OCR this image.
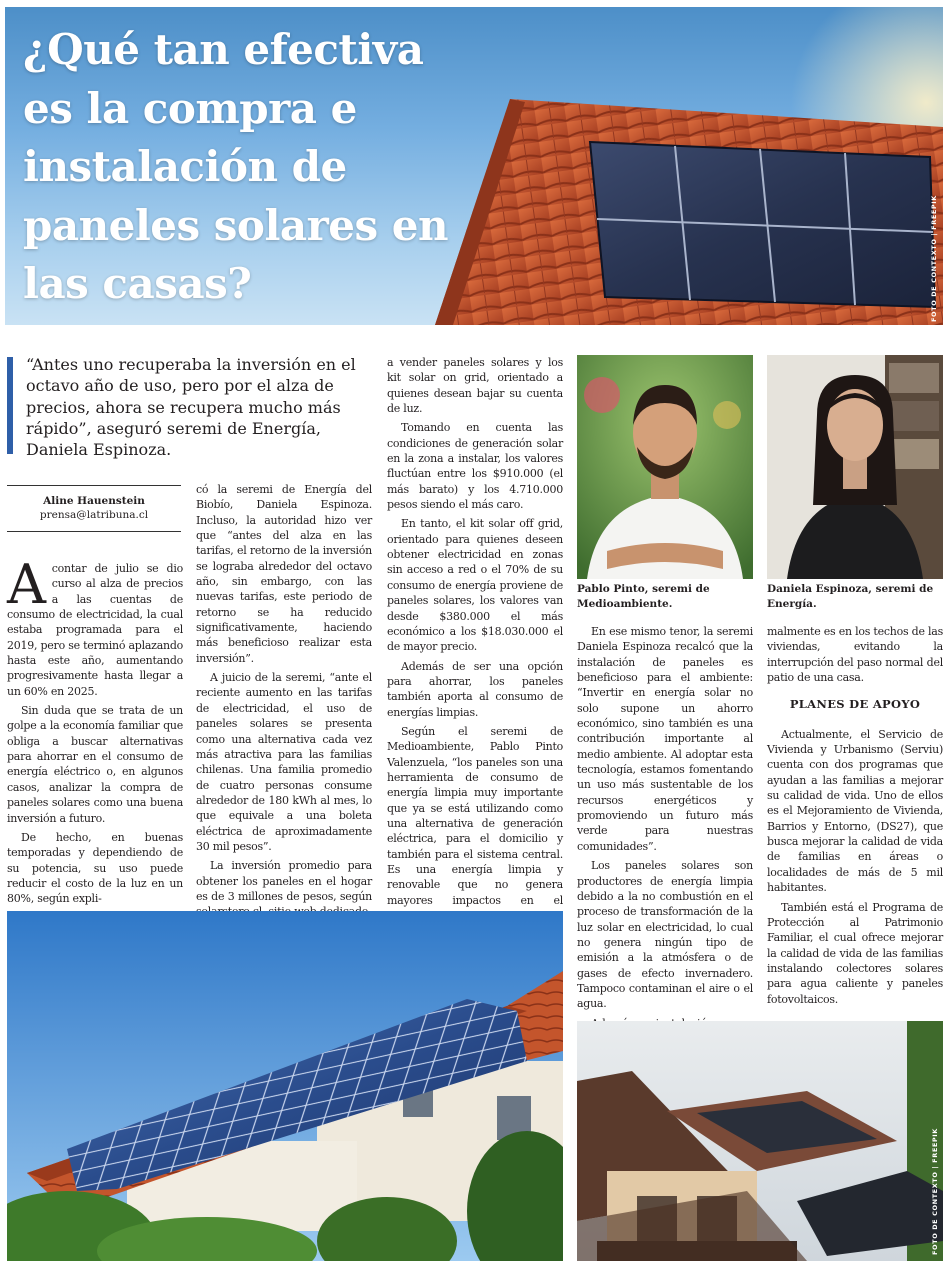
¿Qué tan efectiva es la compra e instalación de paneles solares en las casas?	FOTO DE CONTEXTO | FREEPIK
“Antes uno recuperaba la inversión en el octavo año de uso, pero por el alza de precios, ahora se recupera mucho más rápido”, aseguró seremi de Energía, Daniela Espinoza.
Aline Hauenstein
prensa@latribuna.cl

Acontar de julio se dio curso al alza de precios a las cuentas de consumo de electricidad, la cual estaba programada para el 2019, pero se terminó aplazando hasta este año, aumentando progresivamente hasta llegar a un 60% en 2025.

Sin duda que se trata de un golpe a la economía familiar que obliga a buscar alternativas para ahorrar en el consumo de energía eléctrico o, en algunos casos, analizar la compra de paneles solares como una buena inversión a futuro.

De hecho, en buenas temporadas y dependiendo de su potencia, su uso puede reducir el costo de la luz en un 80%, según expli-

có la seremi de Energía del Biobío, Daniela Espinoza. Incluso, la autoridad hizo ver que “antes del alza en las tarifas, el retorno de la inversión se lograba alrededor del octavo año, sin embargo, con las nuevas tarifas, este periodo de retorno se ha reducido significativamente, haciendo más beneficioso realizar esta inversión”.

A juicio de la seremi, “ante el reciente aumento en las tarifas de electricidad, el uso de paneles solares se presenta como una alternativa cada vez más atractiva para las familias chilenas. Una familia promedio de cuatro personas consume alrededor de 180 kWh al mes, lo que equivale a una boleta eléctrica de aproximadamente 30 mil pesos”.

La inversión promedio para obtener los paneles en el hogar es de 3 millones de pesos, según

a vender paneles solares y los kit solar on grid, orientado a quienes desean bajar su cuenta de luz.

Tomando en cuenta las condiciones de generación solar en la zona a instalar, los valores fluctúan entre los $910.000 (el más barato) y los 4.710.000 pesos siendo el más caro.

En tanto, el kit solar off grid, orientado para quienes deseen obtener electricidad en zonas sin acceso a red o el 70% de su consumo de energía proviene de paneles solares, los valores van desde $380.000 el más económico a los $18.030.000 el de mayor precio.

Además de ser una opción para ahorrar, los paneles también aporta al consumo de energías limpias.

Según el seremi de Medioambiente, Pablo Pinto Valenzuela, “los paneles son una herramienta de consumo de energía limpia muy importante que ya se está utilizando como una alternativa de generación eléctrica, para el domicilio y también para el sistema central. Es una energía limpia y renovable que no genera mayores impactos en el

Pablo Pinto, seremi de Medioambiente.
Daniela Espinoza, seremi de Energía.

En ese mismo tenor, la seremi Daniela Espinoza recalcó que la instalación de paneles es beneficioso para el ambiente: “Invertir en energía solar no solo supone un ahorro económico, sino también es una contribución importante al medio ambiente. Al adoptar esta tecnología, estamos fomentando un uso más sustentable de los recursos energéticos y promoviendo un futuro más verde para nuestras comunidades”.

Los paneles solares son productores de energía limpia debido a la no combustión en el proceso de transformación de la luz solar en electricidad, lo cual no genera ningún tipo de emisión a la atmósfera o de gases de efecto invernadero. Tampoco contaminan el aire o el agua.

malmente es en los techos de las viviendas, evitando la interrupción del paso normal del patio de una casa.

PLANES DE APOYO

Actualmente, el Servicio de Vivienda y Urbanismo (Serviu) cuenta con dos programas que ayudan a las familias a mejorar su calidad de vida. Uno de ellos es el Mejoramiento de Vivienda, Barrios y Entorno, (DS27), que busca mejorar la calidad de vida de familias en áreas o localidades de más de 5 mil habitantes.

También está el Programa de Protección al Patrimonio Familiar, el cual ofrece mejorar la calidad de vida de las familias instalando colectores solares para agua caliente y paneles fotovoltaicos.

FOTO DE CONTEXTO | FREEPIK
